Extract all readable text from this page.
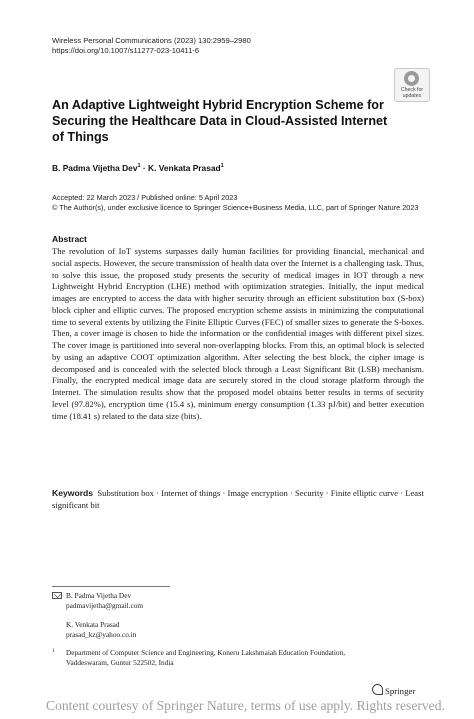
Wireless Personal Communications (2023) 130:2959–2980
https://doi.org/10.1007/s11277-023-10411-6
Check for
updates
An Adaptive Lightweight Hybrid Encryption Scheme for Securing the Healthcare Data in Cloud-Assisted Internet of Things
B. Padma Vijetha Dev$^1$ · K. Venkata Prasad$^1$
Accepted: 22 March 2023 / Published online: 5 April 2023
© The Author(s), under exclusive licence to Springer Science+Business Media, LLC, part of Springer Nature 2023
Abstract
The revolution of IoT systems surpasses daily human facilities for providing financial, mechanical and social aspects. However, the secure transmission of health data over the Internet is a challenging task. Thus, to solve this issue, the proposed study presents the security of medical images in IOT through a new Lightweight Hybrid Encryption (LHE) method with optimization strategies. Initially, the input medical images are encrypted to access the data with higher security through an efficient substitution box (S-box) block cipher and elliptic curves. The proposed encryption scheme assists in minimizing the computational time to several extents by utilizing the Finite Elliptic Curves (FEC) of smaller sizes to generate the S-boxes. Then, a cover image is chosen to hide the information or the confidential images with different pixel sizes. The cover image is partitioned into several non-overlapping blocks. From this, an optimal block is selected by using an adaptive COOT optimization algorithm. After selecting the best block, the cipher image is decomposed and is concealed with the selected block through a Least Significant Bit (LSB) mechanism. Finally, the encrypted medical image data are securely stored in the cloud storage platform through the Internet. The simulation results show that the proposed model obtains better results in terms of security level (97.82%), encryption time (15.4 s), minimum energy consumption (1.33 pJ/bit) and better execution time (18.41 s) related to the data size (bits).
Keywords Substitution box · Internet of things · Image encryption · Security · Finite elliptic curve · Least significant bit
B. Padma Vijetha Dev
padmavijetha@gmail.com
K. Venkata Prasad
prasad_kz@yahoo.co.in
1 Department of Computer Science and Engineering, Koneru Lakshmaiah Education Foundation,
Vaddeswaram, Guntur 522502, India
Springer
Content courtesy of Springer Nature, terms of use apply. Rights reserved.
